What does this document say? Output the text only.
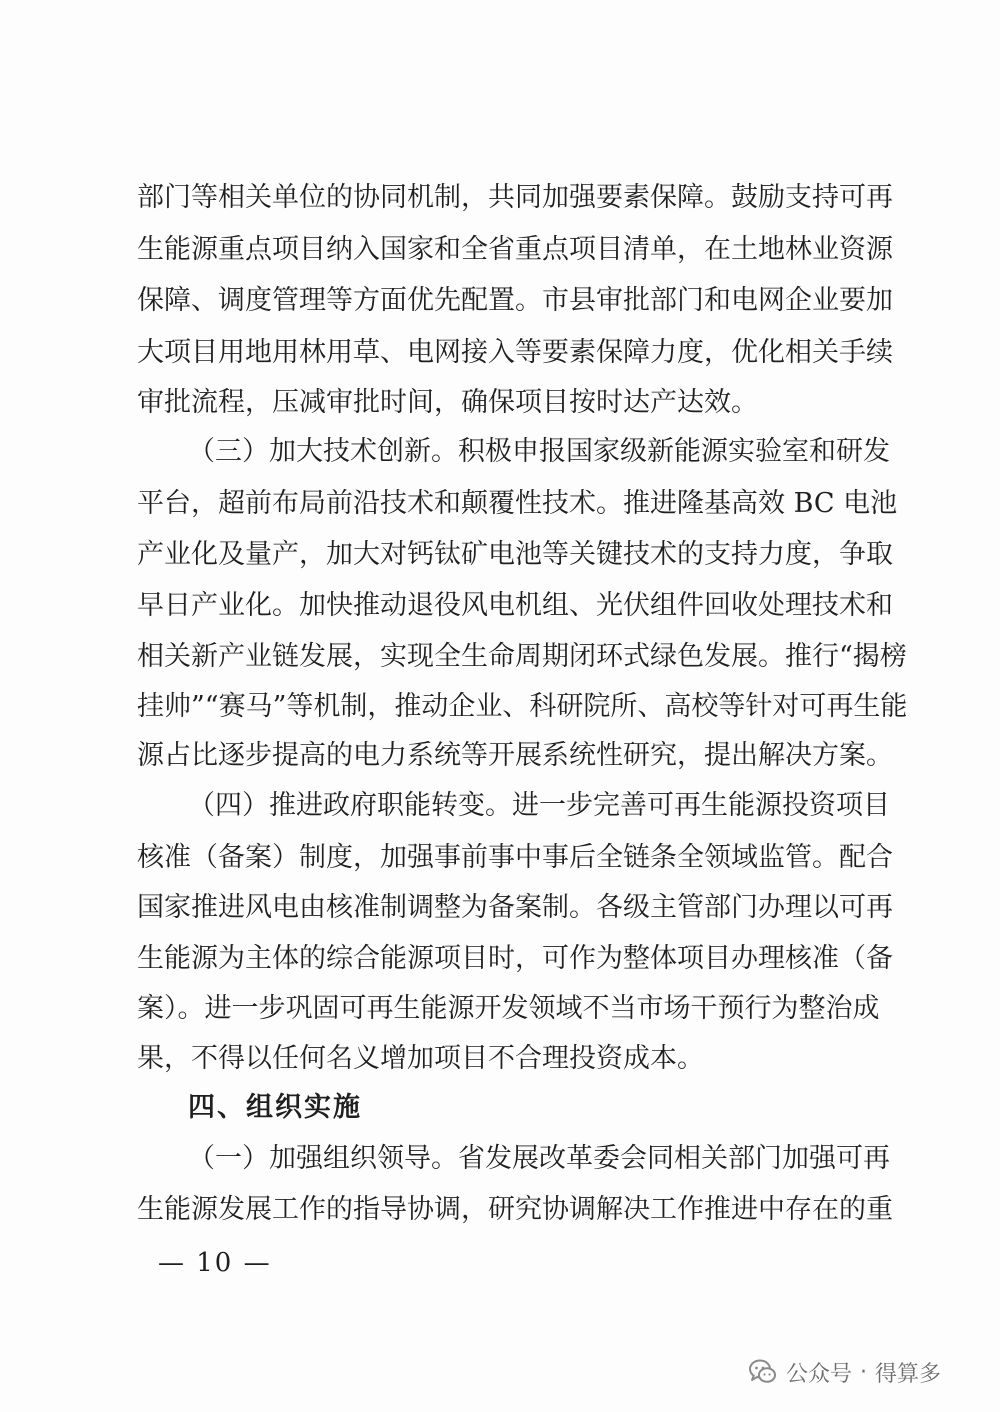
部门等相关单位的协同机制，共同加强要素保障。鼓励支持可再
生能源重点项目纳入国家和全省重点项目清单，在土地林业资源
保障、调度管理等方面优先配置。市县审批部门和电网企业要加
大项目用地用林用草、电网接入等要素保障力度，优化相关手续
审批流程，压减审批时间，确保项目按时达产达效。
（三）加大技术创新。积极申报国家级新能源实验室和研发
平台，超前布局前沿技术和颠覆性技术。推进隆基高效 BC 电池
产业化及量产，加大对钙钛矿电池等关键技术的支持力度，争取
早日产业化。加快推动退役风电机组、光伏组件回收处理技术和
相关新产业链发展，实现全生命周期闭环式绿色发展。推行“揭榜
挂帅”“赛马”等机制，推动企业、科研院所、高校等针对可再生能
源占比逐步提高的电力系统等开展系统性研究，提出解决方案。
（四）推进政府职能转变。进一步完善可再生能源投资项目
核准（备案）制度，加强事前事中事后全链条全领域监管。配合
国家推进风电由核准制调整为备案制。各级主管部门办理以可再
生能源为主体的综合能源项目时，可作为整体项目办理核准（备
案）。进一步巩固可再生能源开发领域不当市场干预行为整治成
果，不得以任何名义增加项目不合理投资成本。
四、组织实施
（一）加强组织领导。省发展改革委会同相关部门加强可再
生能源发展工作的指导协调，研究协调解决工作推进中存在的重
— 10 —
公众号 · 得算多
